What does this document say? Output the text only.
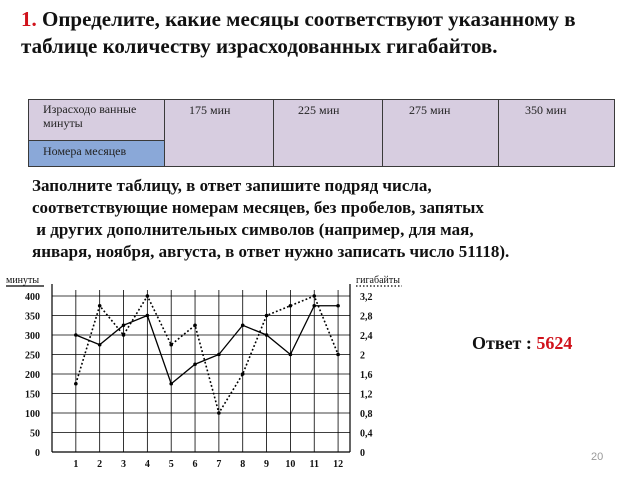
1. Определите, какие месяцы соответствуют указанному в таблице количеству израсходованных гигабайтов.
Израсходо ванные минуты	175 мин	225 мин	275 мин	350 мин
Номера месяцев
Заполните таблицу, в ответ запишите подряд числа,
соответствующие номерам месяцев, без пробелов, запятых
и других дополнительных символов (например, для мая,
января, ноября, августа, в ответ нужно записать число 51118).
0	0
50	0,4
100	0,8
150	1,2
200	1,6
250	2
300	2,4
350	2,8
400	3,2
1 2 3 4 5 6 7 8 9 10 11 12
минуты	гигабайты
Ответ : 5624
20
